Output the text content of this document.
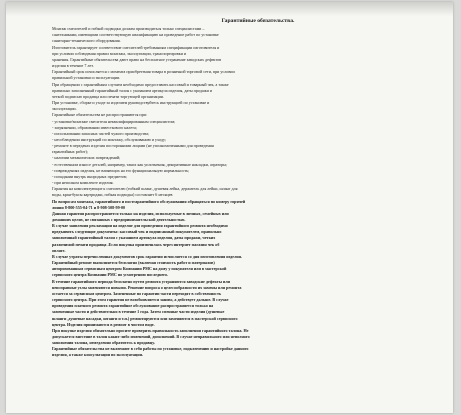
Гарантийные обязательства.

Монтаж смесителей и гибкой подводки должен производиться только специалистами –

сантехниками, имеющими соответствующую квалификацию на проведение работ по установке

санитарно-технического оборудования.

Изготовитель гарантирует соответствие смесителей требованиям спецификации изготовителя и

при условии соблюдения правил монтажа, эксплуатации, транспортировки и

хранения. Гарантийные обязательства дают право на бесплатное устранение заводских дефектов

изделия в течение 7 лет.

Гарантийный срок исчисляется с момента приобретения товара в розничной торговой сети, при условии

правильной установки и эксплуатации.

При обращении с гарантийным случаем необходимо предоставить кассовый и товарный чек, а также

правильно заполненный гарантийный талон с указанием артикула изделия, даты продажи и

четкой подписью продавца или печати торгующей организации.

При установке, сборке и уходе за изделием руководствуйтесь инструкцией по установке и

эксплуатации.

Гарантийные обязательства не распространяются при:

- установке/монтаже смесителя неквалифицированным специалистом;

- загрязнении, образовании известкового налета;

- использовании запасных частей чужого производства;

- несоблюдении инструкций по монтажу, обслуживанию и уходу;

- ремонте в передачах изделия посторонними лицами (не уполномоченными для проведения

гарантийных работ);

- наличии механических повреждений;

- естественном износе деталей, например, таких как уплотнения, декоративные накладки, аэраторы;

- повреждениях изделия, не влияющих на его функциональную нормальность;

- попадании внутрь инородных предметов;

- при неполном комплекте изделия.

Гарантия на комплектующие к смесителю (гибкий шланг, душевая лейка, держатель для лейки, шланг для

воды, кран-буксы картриджи, гибкая подводка) составляет 6 месяцев

По вопросам монтажа, гарантийного и постгарантийного обслуживания обращаться по номеру горячей

линии 8-800-555-04-71 и 8-908-508-99-00

Данная гарантия распространяется только на изделия, используемые в личных, семейных или

домашних целях, не связанных с предпринимательской деятельностью.

В случае заявления рекламации на изделие для проведения гарантийного ремонта необходимо

предъявить следующие документы: кассовый чек и подписанный покупателем, правильно

заполненный гарантийный талон с указанием артикула изделия, даты продажи, четких

различимой печати продавца .Если покупка произвешлась через интернет магазин чек об

оплате.

В случае утраты перечисленных документов срок гарантии исчисляется со дня изготовления изделия.

Гарантийный ремонт выполняется бесплатно (включая стоимость работ и материалов)

авторизованным сервисным центром Компании РМС на дому у покупателя или в мастерской

сервисного центра Компании РМС по усмотрению последнего.

В течение гарантийного периода бесплатно путем ремонта устраняются заводские дефекты или

неисправные узлы заменяются новыми. Решение вопроса о целесообразности их замены или ремонта

остается за сервисным центром. Замененные по гарантии части переходят в собственность

сервисного центра. При этом гарантия не возобновляется заново, а действует дальше. В случае

проведения платного ремонта гарантийное обслуживание распространяется только на

замененные части и действительно в течение 1 года. Затем сменные части изделия (душевые

шланги ,душевые насадки, штанги и т.п.) ремонтируются или заменяются в мастерской сервисного

центра. Изделия принимаются в ремонт в чистом виде.

При покупке изделия обязательно просите проверить правильность заполнения гарантийного талона. Не

допускается внесение в талон каких-либо изменений, дополнений. В случае неправильного или неполного

заполнения талона, немедленно обратитесь к продавцу.

Гарантийные обязательства не включают в себя работы по установке, подключению и настройке данного

изделия, а также консультации по эксплуатации.
